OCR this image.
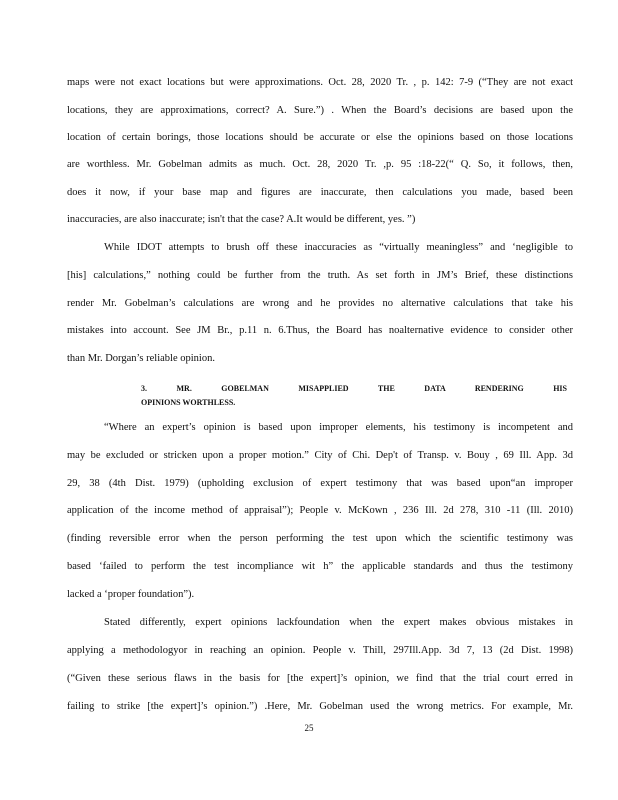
maps were not exact locations but were approximations. Oct. 28, 2020 Tr. , p. 142: 7-9 (“They are not exact
locations, they are approximations, correct? A. Sure.”) . When the Board’s decisions are based upon the
location of certain borings, those locations should be accurate or else the opinions based on those locations
are worthless. Mr. Gobelman admits as much. Oct. 28, 2020 Tr. ,p. 95 :18-22(“ Q. So, it follows, then,
does it now, if your base map and figures are inaccurate, then calculations you made, based been
inaccuracies, are also inaccurate; isn't that the case? A.It would be different, yes. ”)
While IDOT attempts to brush off these inaccuracies as “virtually meaningless” and ‘negligible to
[his] calculations,” nothing could be further from the truth. As set forth in JM’s Brief, these distinctions
render Mr. Gobelman’s calculations are wrong and he provides no alternative calculations that take his
mistakes into account. See JM Br., p.11 n. 6.Thus, the Board has noalternative evidence to consider other
than Mr. Dorgan’s reliable opinion.
3. MR. GOBELMAN MISAPPLIED THE DATA RENDERING HIS
OPINIONS WORTHLESS.
“Where an expert’s opinion is based upon improper elements, his testimony is incompetent and
may be excluded or stricken upon a proper motion.” City of Chi. Dep't of Transp. v. Bouy , 69 Ill. App. 3d
29, 38 (4th Dist. 1979) (upholding exclusion of expert testimony that was based upon“an improper
application of the income method of appraisal”); People v. McKown , 236 Ill. 2d 278, 310 -11 (Ill. 2010)
(finding reversible error when the person performing the test upon which the scientific testimony was
based ‘failed to perform the test incompliance wit h” the applicable standards and thus the testimony
lacked a ‘proper foundation”).
Stated differently, expert opinions lackfoundation when the expert makes obvious mistakes in
applying a methodologyor in reaching an opinion. People v. Thill, 297Ill.App. 3d 7, 13 (2d Dist. 1998)
(“Given these serious flaws in the basis for [the expert]’s opinion, we find that the trial court erred in
failing to strike [the expert]’s opinion.”) .Here, Mr. Gobelman used the wrong metrics. For example, Mr.
25
